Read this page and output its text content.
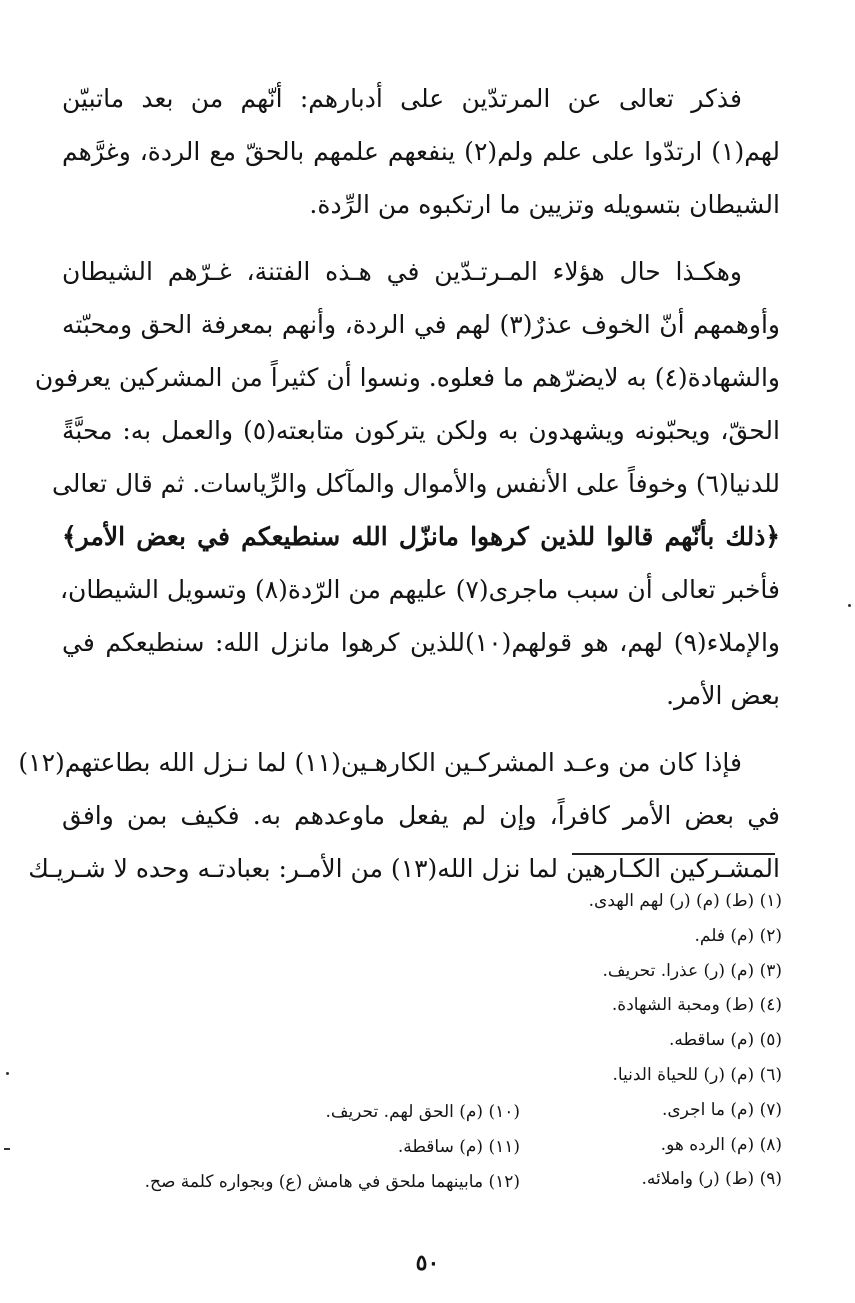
فذكر تعالى عن المرتدّين على أدبارهم: أنّهم من بعد ماتبيّن
لهم(١) ارتدّوا على علم ولم(٢) ينفعهم علمهم بالحقّ مع الردة، وغرَّهم
الشيطان بتسويله وتزيين ما ارتكبوه من الرِّدة.

وهكـذا حال هؤلاء المـرتـدّين في هـذه الفتنة، غـرّهم الشيطان
وأوهمهم أنّ الخوف عذرٌ(٣) لهم في الردة، وأنهم بمعرفة الحق ومحبّته
والشهادة(٤) به لايضرّهم ما فعلوه. ونسوا أن كثيراً من المشركين يعرفون
الحقّ، ويحبّونه ويشهدون به ولكن يتركون متابعته(٥) والعمل به: محبَّةً
للدنيا(٦) وخوفاً على الأنفس والأموال والمآكل والرِّياسات. ثم قال تعالى
﴿ذلك بأنّهم قالوا للذين كرهوا مانزّل الله سنطيعكم في بعض الأمر﴾
فأخبر تعالى أن سبب ماجرى(٧) عليهم من الرّدة(٨) وتسويل الشيطان،
والإملاء(٩) لهم، هو قولهم(١٠)للذين كرهوا مانزل الله: سنطيعكم في
بعض الأمر.

فإذا كان من وعـد المشركـين الكارهـين(١١) لما نـزل الله بطاعتهم(١٢)
في بعض الأمر كافراً، وإن لم يفعل ماوعدهم به. فكيف بمن وافق
المشـركين الكـارهين لما نزل الله(١٣) من الأمـر: بعبادتـه وحده لا شـريـك

(١) (ط) (م) (ر) لهم الهدى.
(٢) (م) فلم.
(٣) (م) (ر) عذرا. تحريف.
(٤) (ط) ومحبة الشهادة.
(٥) (م) ساقطه.
(٦) (م) (ر) للحياة الدنيا.
(٧) (م) ما اجرى.
(٨) (م) الرده هو.
(٩) (ط) (ر) واملائه.
(١٠) (م) الحق لهم. تحريف.
(١١) (م) ساقطة.
(١٢) مابينهما ملحق في هامش (ع) وبجواره كلمة صح.
٥٠
